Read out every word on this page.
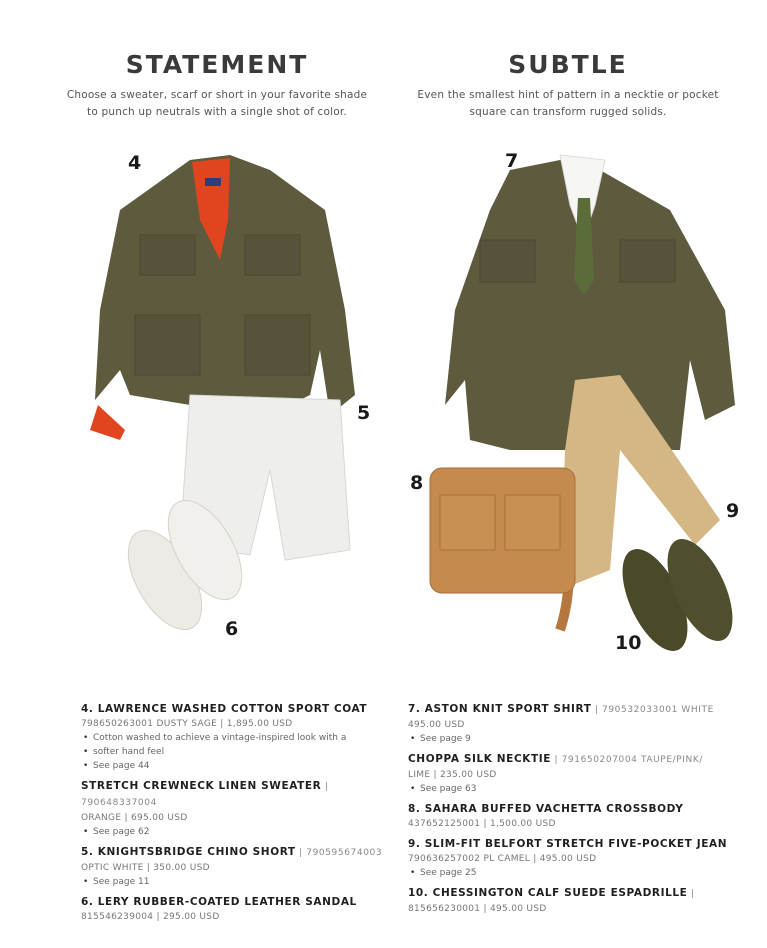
STATEMENT

Choose a sweater, scarf or short in your favorite shade
to punch up neutrals with a single shot of color.

SUBTLE

Even the smallest hint of pattern in a necktie or pocket
square can transform rugged solids.

4
5
6
7
8
9
10
4. LAWRENCE WASHED COTTON SPORT COAT
798650263001 DUSTY SAGE | 1,895.00 USD
• Cotton washed to achieve a vintage-inspired look with a
• softer hand feel
• See page 44
STRETCH CREWNECK LINEN SWEATER | 790648337004
ORANGE | 695.00 USD
• See page 62
5. KNIGHTSBRIDGE CHINO SHORT | 790595674003
OPTIC WHITE | 350.00 USD
• See page 11
6. LERY RUBBER-COATED LEATHER SANDAL
815546239004 | 295.00 USD
7. ASTON KNIT SPORT SHIRT | 790532033001 WHITE
495.00 USD
• See page 9
CHOPPA SILK NECKTIE | 791650207004 TAUPE/PINK/
LIME | 235.00 USD
• See page 63
8. SAHARA BUFFED VACHETTA CROSSBODY
437652125001 | 1,500.00 USD
9. SLIM-FIT BELFORT STRETCH FIVE-POCKET JEAN
790636257002 PL CAMEL | 495.00 USD
• See page 25
10. CHESSINGTON CALF SUEDE ESPADRILLE |
815656230001 | 495.00 USD
